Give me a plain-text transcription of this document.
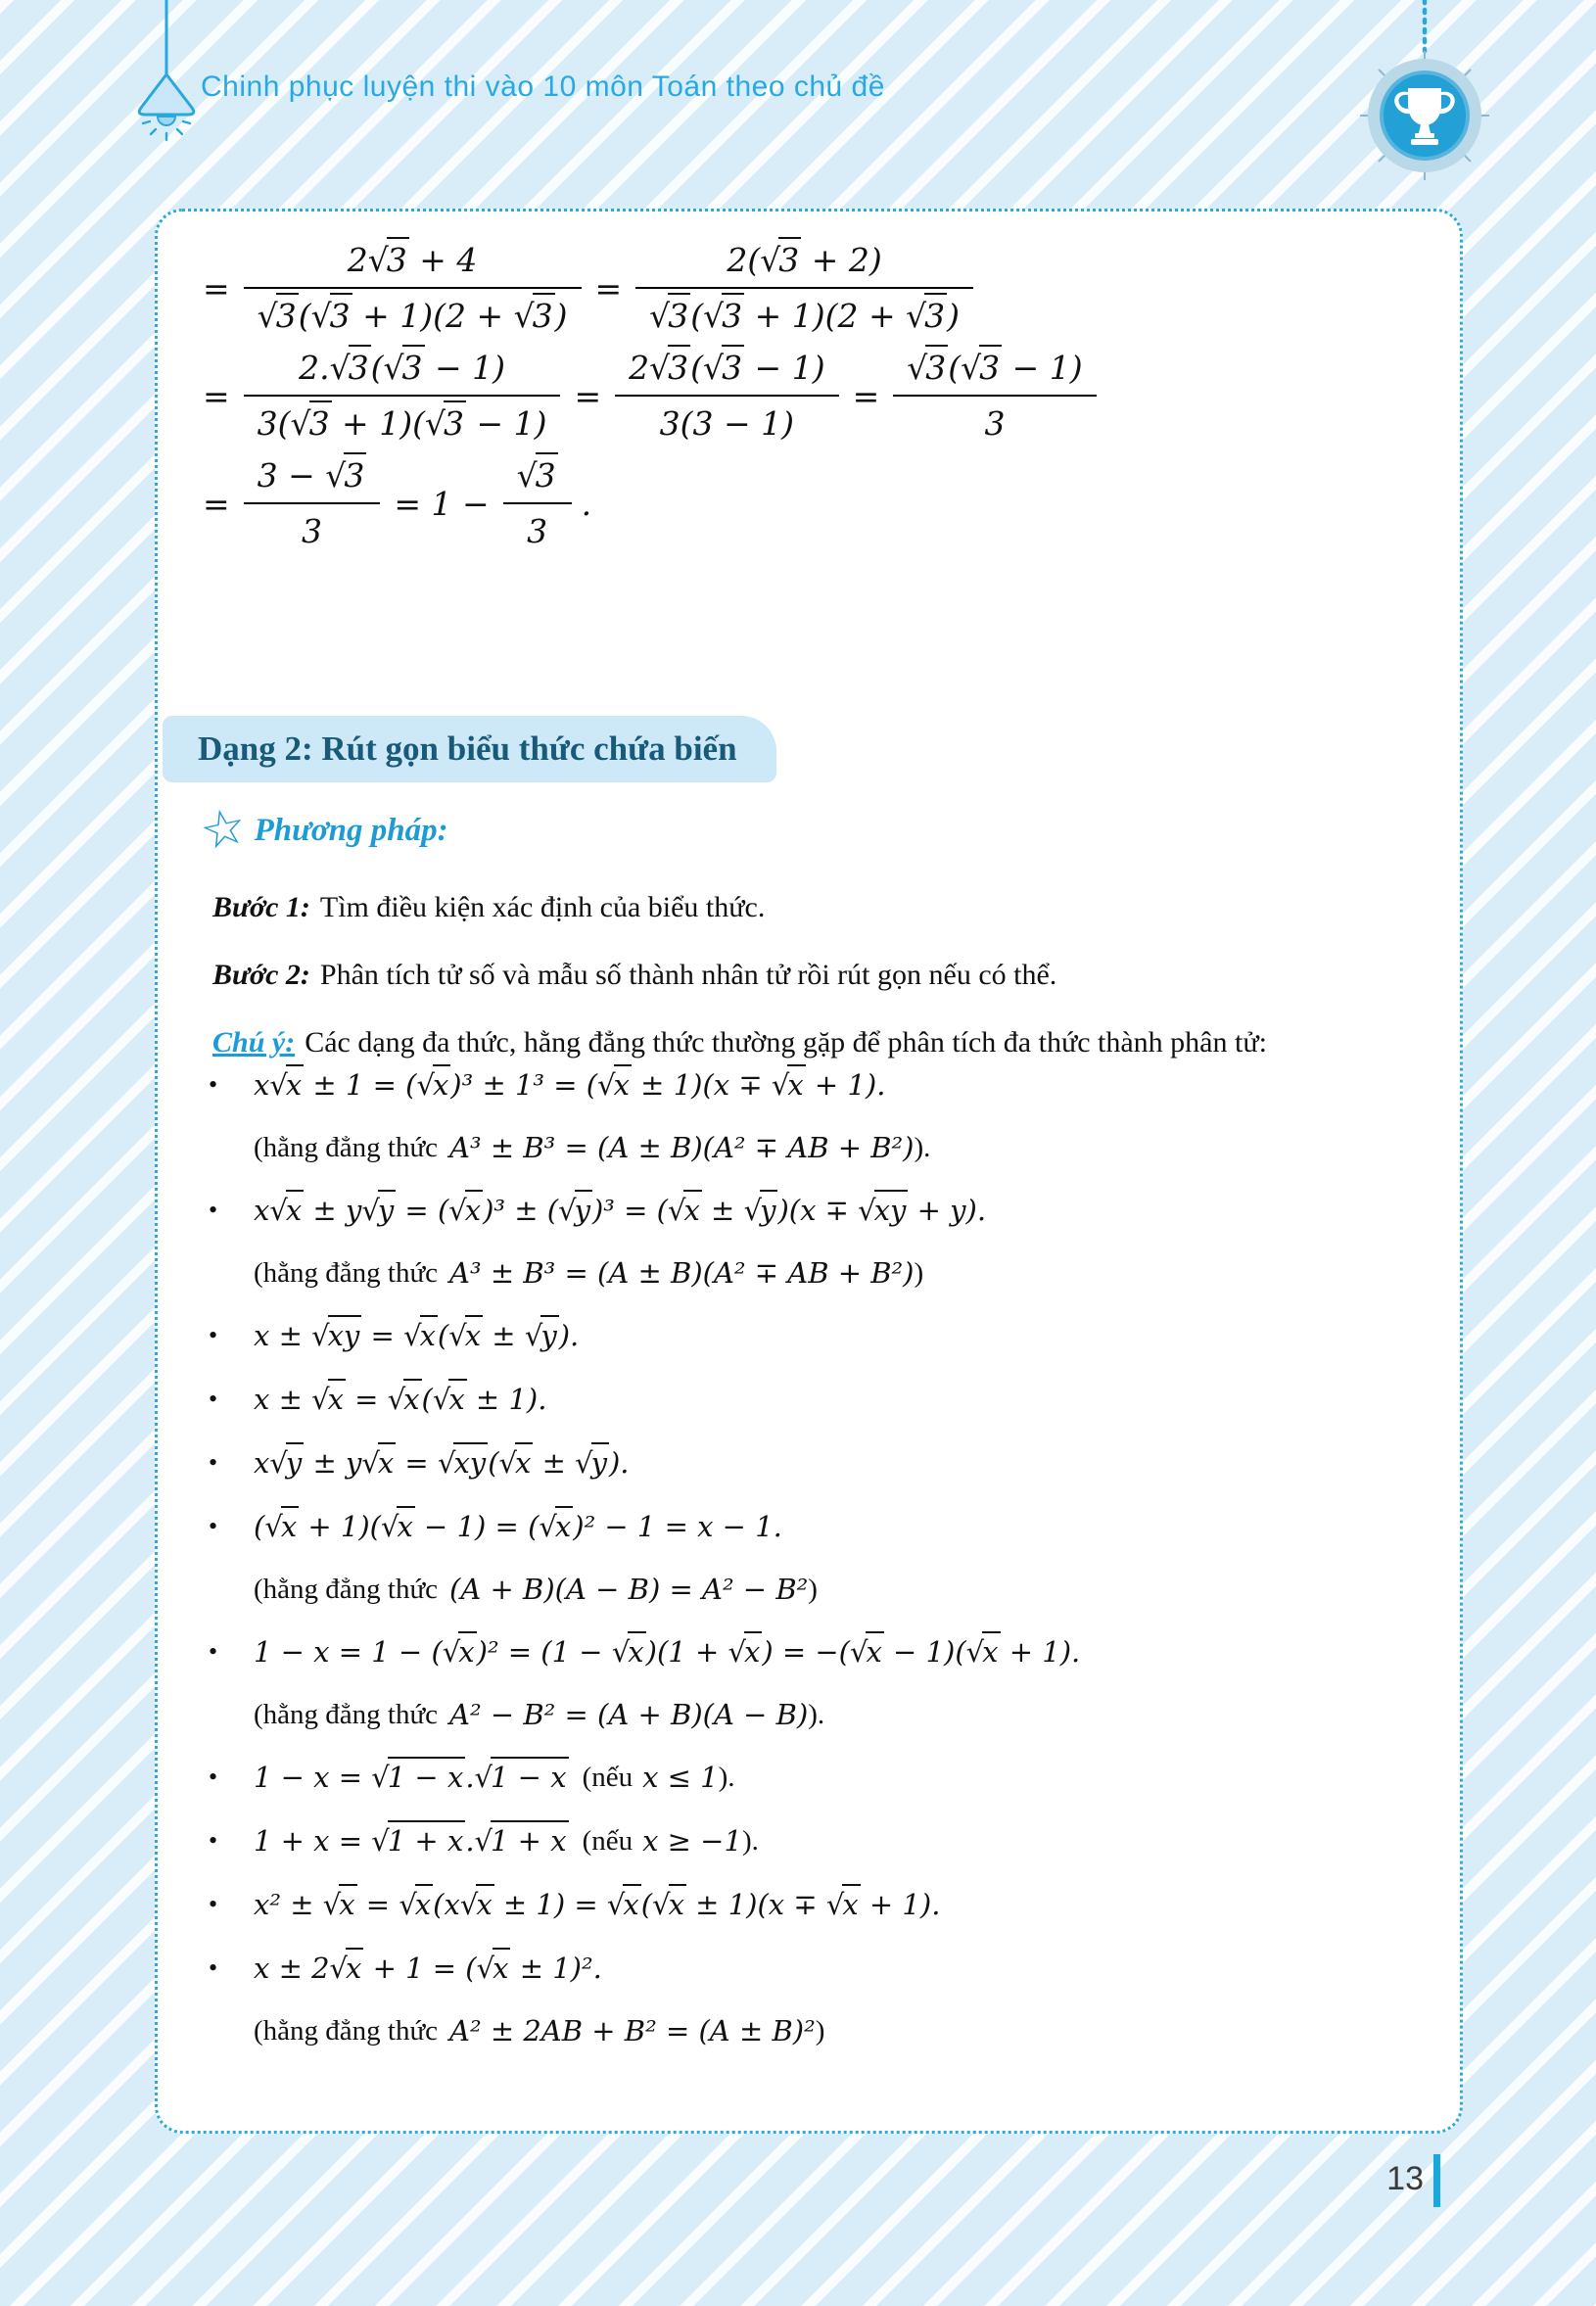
Chinh phục luyện thi vào 10 môn Toán theo chủ đề
= $\frac{2√3 + 4}{√3(√3 + 1)(2 + √3)} = \frac{2(√3 + 2)}{√3(√3 + 1)(2 + √3)}$
= $\frac{2.√3(√3 - 1)}{3(√3 + 1)(√3 - 1)} = \frac{2√3(√3 - 1)}{3(3 - 1)} = \frac{√3(√3 - 1)}{3}$
= $\frac{3 - √3}{3} = 1 - \frac{√3}{3}$ .
Dạng 2: Rút gọn biểu thức chứa biến
☆ Phương pháp:
Bước 1: Tìm điều kiện xác định của biểu thức.
Bước 2: Phân tích tử số và mẫu số thành nhân tử rồi rút gọn nếu có thể.
Chú ý: Các dạng đa thức, hằng đẳng thức thường gặp để phân tích đa thức thành phân tử:
•	x√x ± 1 = (√x)³ ± 1³ = (√x ± 1)(x ∓ √x + 1).
(hằng đẳng thức A³ ± B³ = (A ± B)(A² ∓ AB + B²) ).
•	x√x ± y√y = (√x)³ ± (√y)³ = (√x ± √y)(x ∓ √xy + y).
(hằng đẳng thức A³ ± B³ = (A ± B)(A² ∓ AB + B²) )
•	x ± √xy = √x(√x ± √y).
•	x ± √x = √x(√x ± 1).
•	x√y ± y√x = √xy(√x ± √y).
•	(√x + 1)(√x − 1) = (√x)² − 1 = x − 1.
(hằng đẳng thức (A + B)(A − B) = A² − B² )
•	1 − x = 1 − (√x)² = (1 − √x)(1 + √x) = −(√x − 1)(√x + 1).
(hằng đẳng thức A² − B² = (A + B)(A − B) ).
•	1 − x = √1 − x.√1 − x (nếu x ≤ 1 ).
•	1 + x = √1 + x.√1 + x (nếu x ≥ −1 ).
•	x² ± √x = √x(x√x ± 1) = √x(√x ± 1)(x ∓ √x + 1).
•	x ± 2√x + 1 = (√x ± 1)².
(hằng đẳng thức A² ± 2AB + B² = (A ± B)² )
13
